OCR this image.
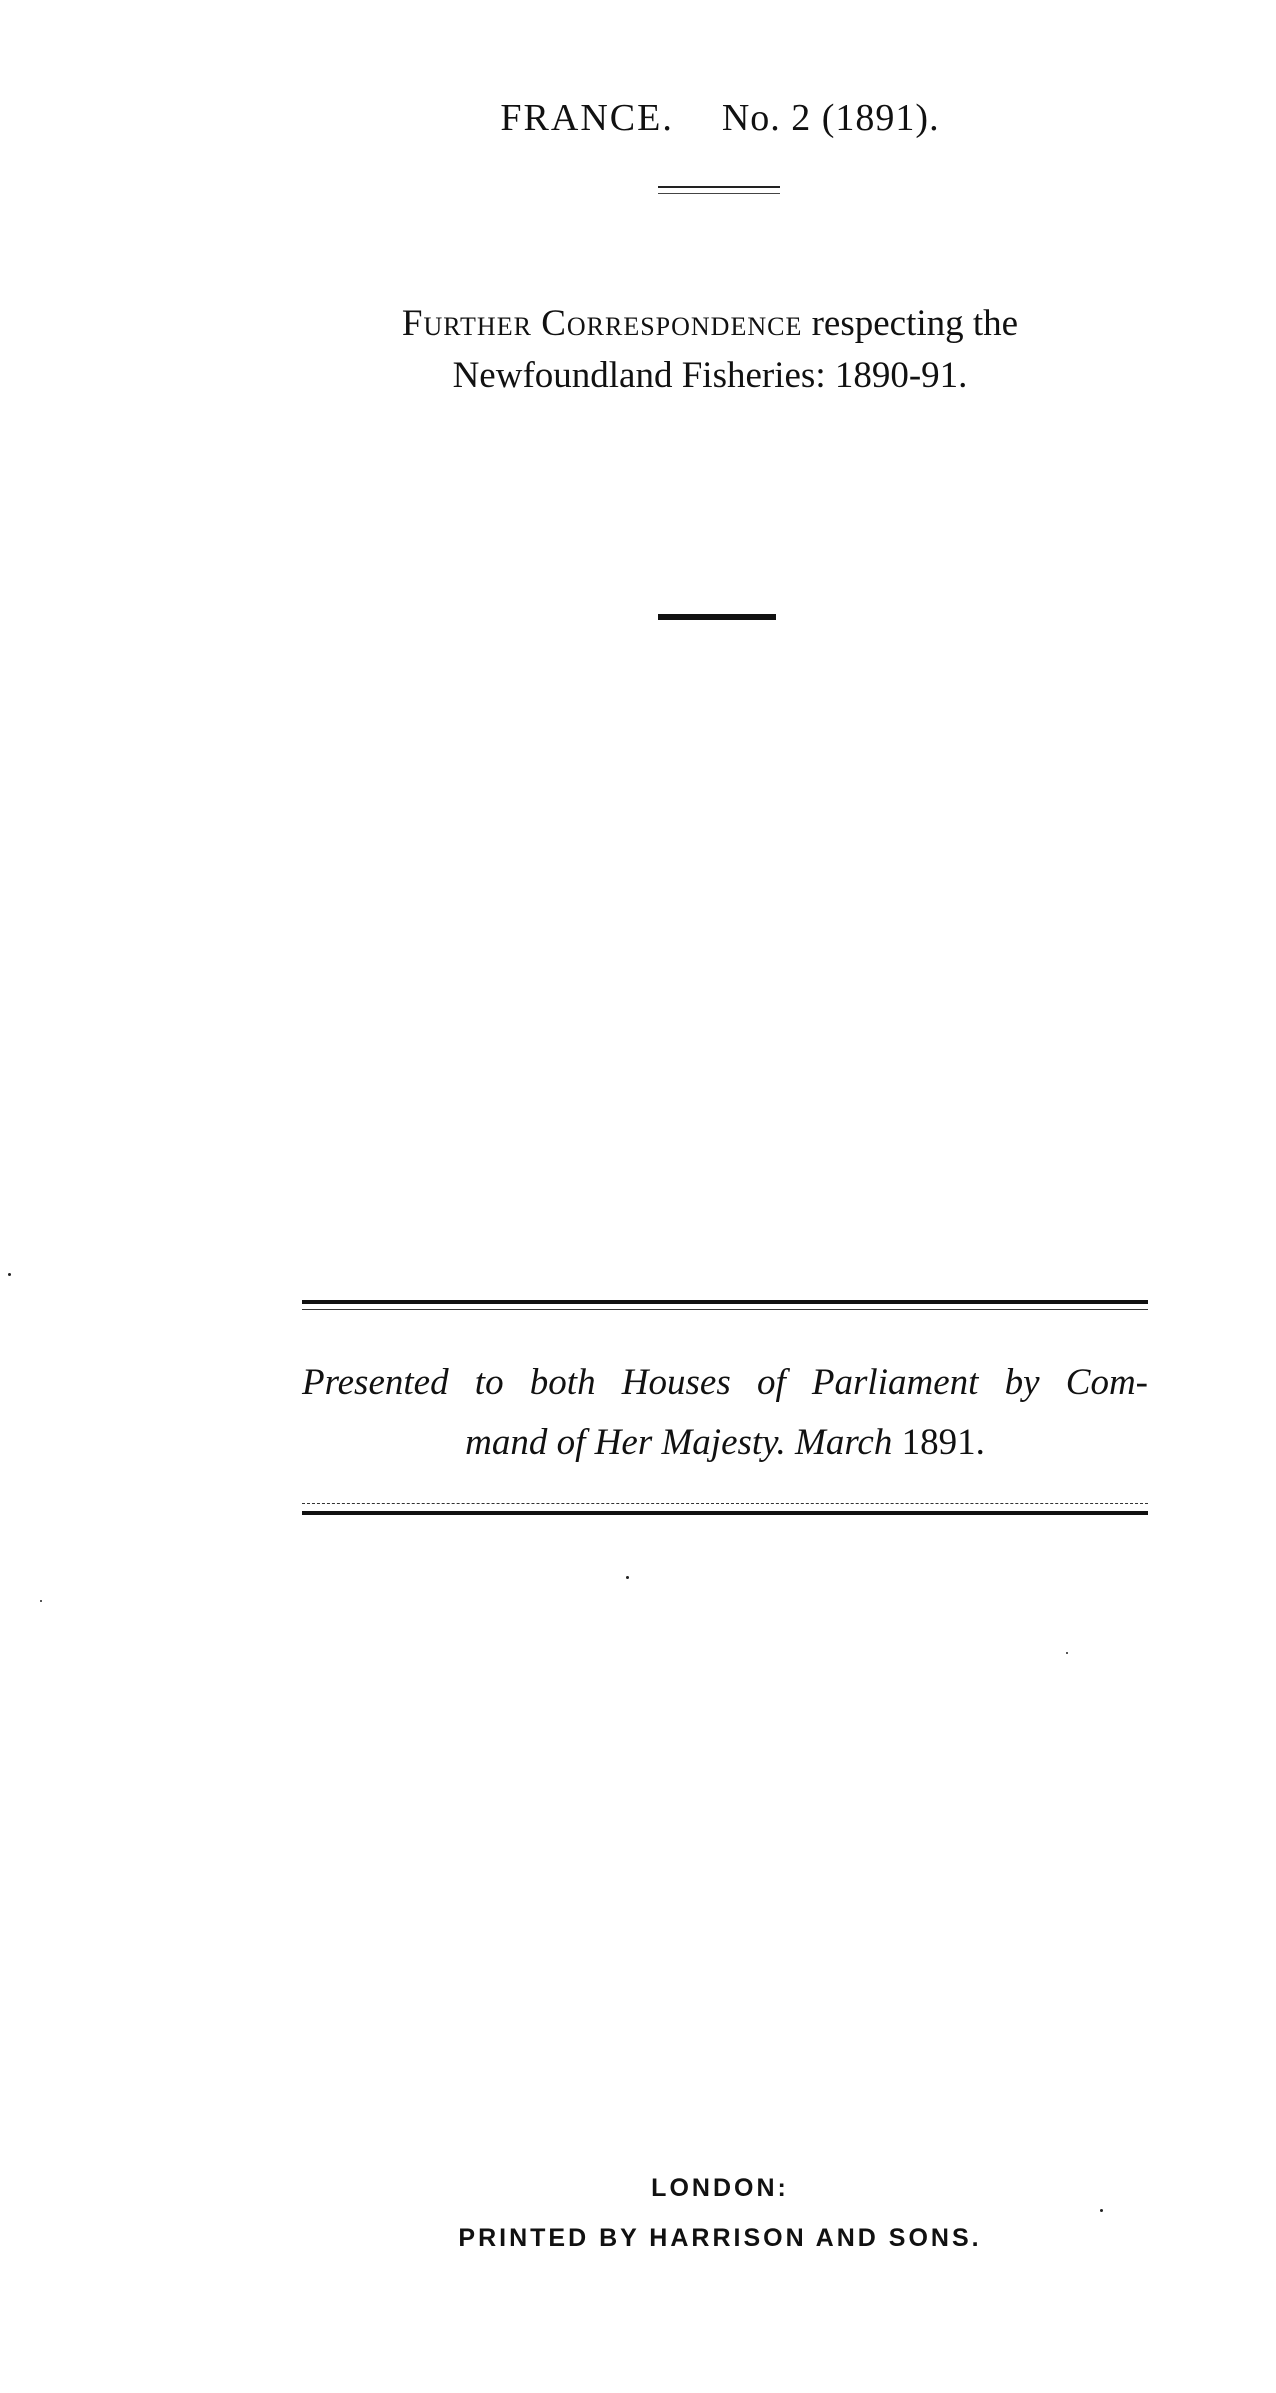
FRANCE. No. 2 (1891).
Further Correspondence respecting the
Newfoundland Fisheries: 1890-91.
Presented to both Houses of Parliament by Com-
mand of Her Majesty. March 1891.
LONDON:
PRINTED BY HARRISON AND SONS.
